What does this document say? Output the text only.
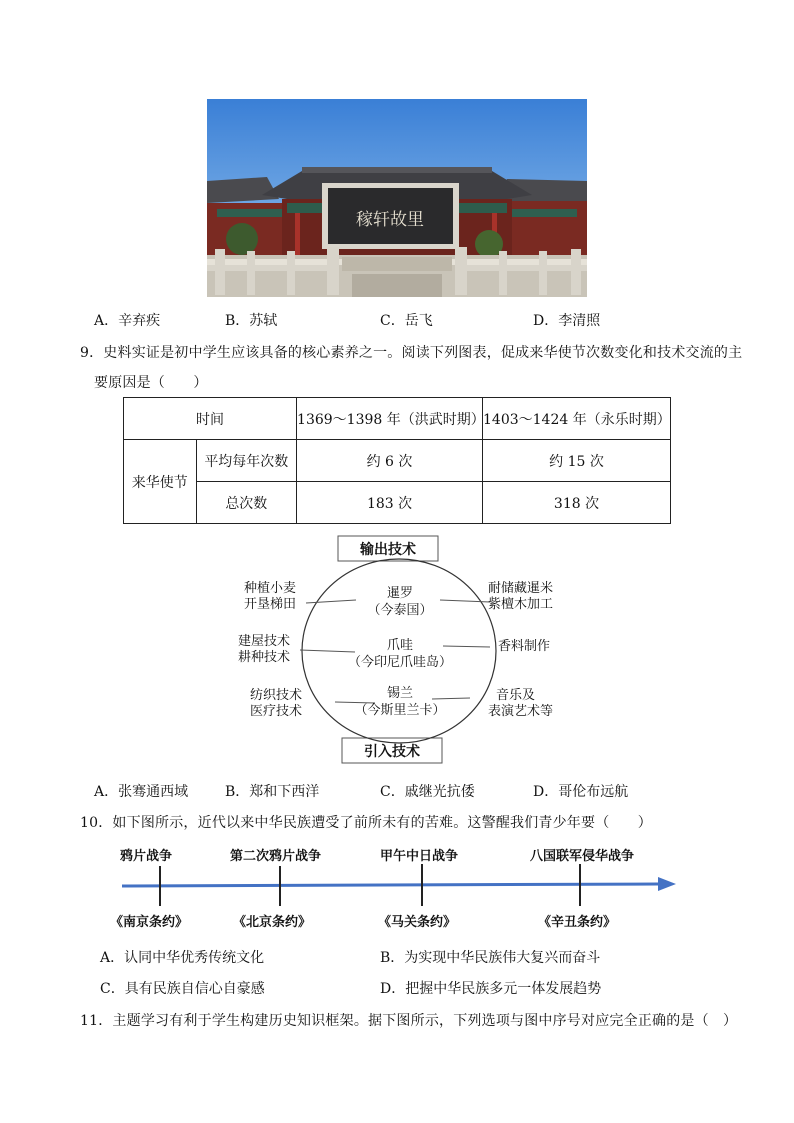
稼轩故里
A．辛弃疾	B．苏轼	C．岳飞	D．李清照
9．史料实证是初中学生应该具备的核心素养之一。阅读下列图表，促成来华使节次数变化和技术交流的主
要原因是（　　）
时间		1369～1398 年（洪武时期）	1403～1424 年（永乐时期）
来华使节	平均每年次数	约 6 次	约 15 次
	总次数	183 次	318 次
输出技术
引入技术
暹罗
（今泰国）
爪哇
（今印尼爪哇岛）
锡兰
（今斯里兰卡）
种植小麦
开垦梯田
建屋技术
耕种技术
纺织技术
医疗技术
耐储藏暹米
紫檀木加工
香料制作
音乐及
表演艺术等
A．张骞通西域	B．郑和下西洋	C．戚继光抗倭	D．哥伦布远航
10．如下图所示，近代以来中华民族遭受了前所未有的苦难。这警醒我们青少年要（　　）
鸦片战争	第二次鸦片战争	甲午中日战争	八国联军侵华战争
《南京条约》	《北京条约》	《马关条约》	《辛丑条约》
A．认同中华优秀传统文化	B．为实现中华民族伟大复兴而奋斗
C．具有民族自信心自豪感	D．把握中华民族多元一体发展趋势
11．主题学习有利于学生构建历史知识框架。据下图所示，下列选项与图中序号对应完全正确的是（　）
